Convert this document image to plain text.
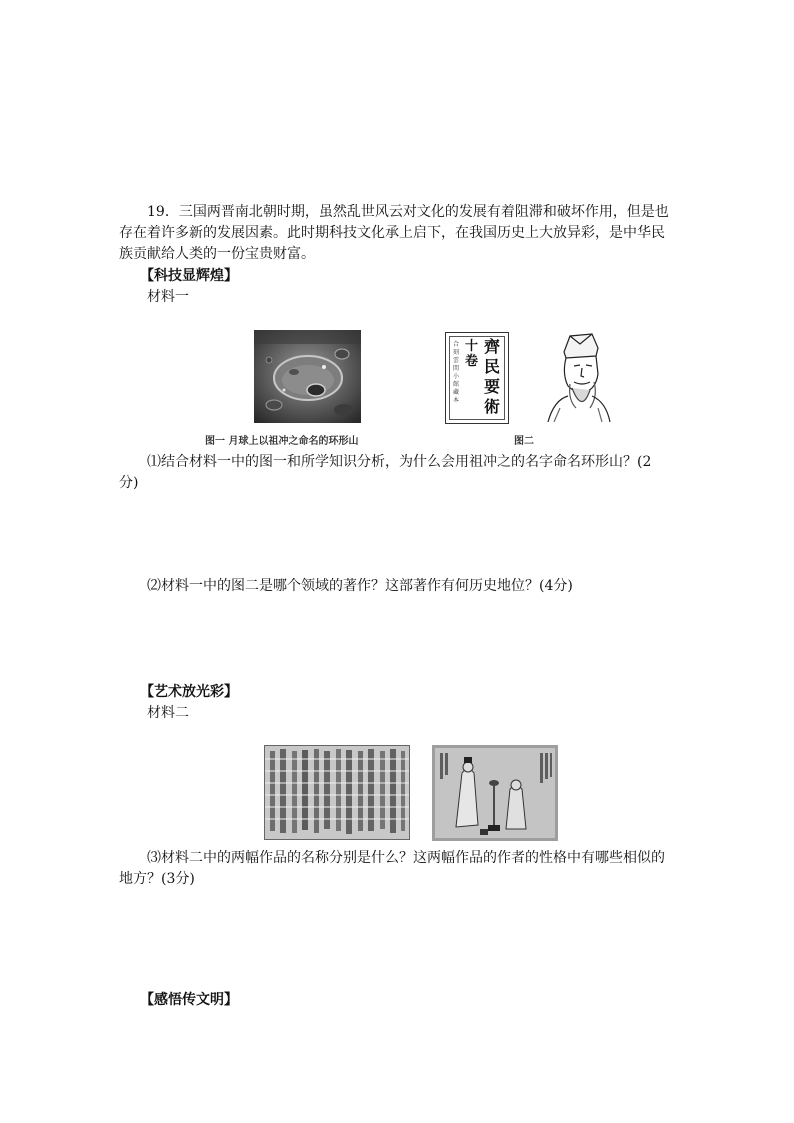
19．三国两晋南北朝时期，虽然乱世风云对文化的发展有着阻滞和破坏作用，但是也
存在着许多新的发展因素。此时期科技文化承上启下，在我国历史上大放异彩，是中华民
族贡献给人类的一份宝贵财富。
【科技显辉煌】
材料一
合刻雲間小館藏本
十卷
齊民要術
图一 月球上以祖冲之命名的环形山	图二
⑴结合材料一中的图一和所学知识分析，为什么会用祖冲之的名字命名环形山？(2
分)
⑵材料一中的图二是哪个领域的著作？这部著作有何历史地位？(4分)
【艺术放光彩】
材料二
⑶材料二中的两幅作品的名称分别是什么？这两幅作品的作者的性格中有哪些相似的
地方？(3分)
【感悟传文明】
